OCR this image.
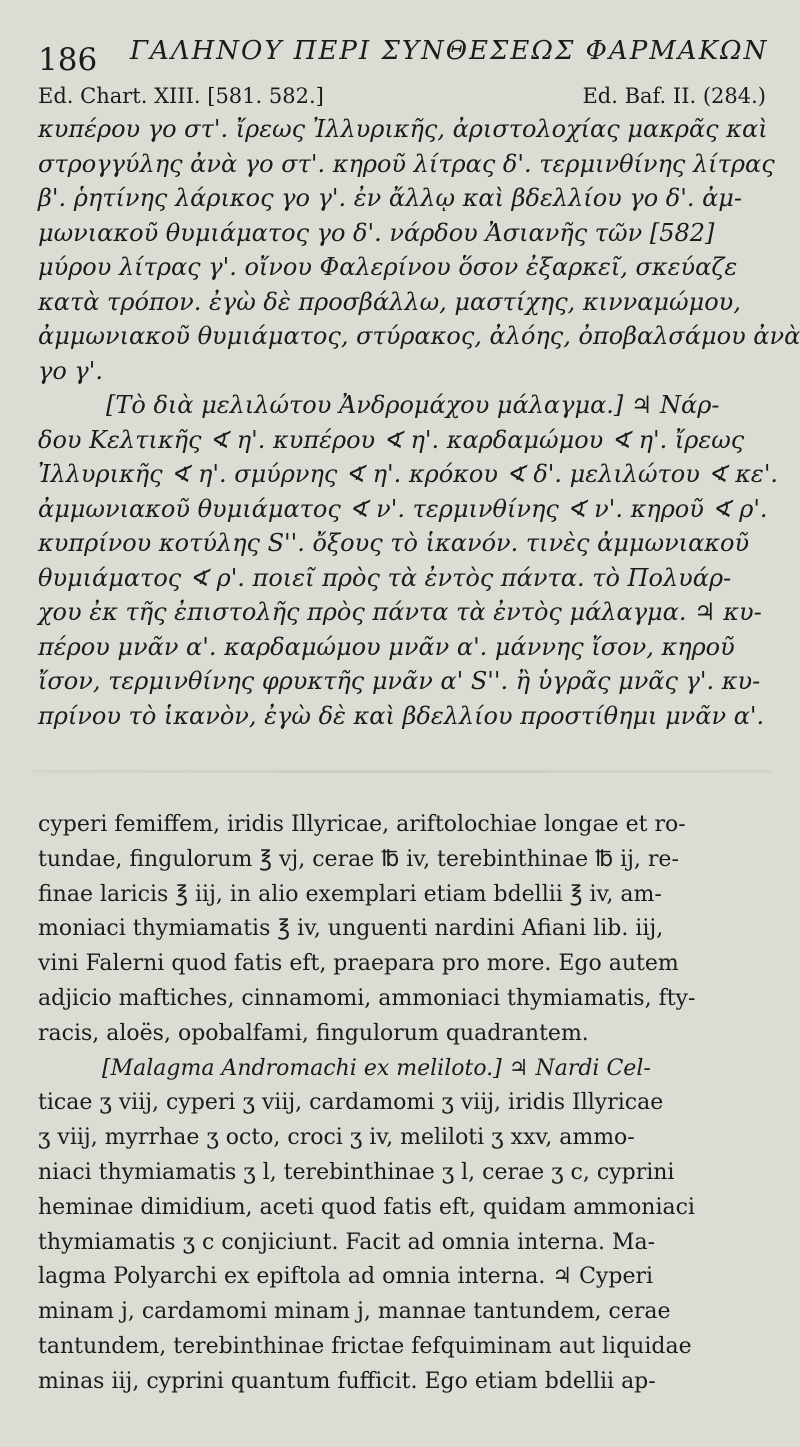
186 ΓΑΛΗΝΟΥ ΠΕΡΙ ΣΥΝΘΕΣΕΩΣ ΦΑΡΜΑΚΩΝ
Ed. Chart. XIII. [581. 582.]	Ed. Baf. II. (284.)
κυπέρου γο στ'. ἴρεως Ἰλλυρικῆς, ἀριστολοχίας μακρᾶς καὶ
στρογγύλης ἀνὰ γο στ'. κηροῦ λίτρας δ'. τερμινθίνης λίτρας
β'. ῥητίνης λάρικος γο γ'. ἐν ἄλλῳ καὶ βδελλίου γο δ'. ἀμ-
μωνιακοῦ θυμιάματος γο δ'. νάρδου Ἀσιανῆς τῶν [582]
μύρου λίτρας γ'. οἴνου Φαλερίνου ὅσον ἐξαρκεῖ, σκεύαζε
κατὰ τρόπον. ἐγὼ δὲ προσβάλλω, μαστίχης, κινναμώμου,
ἀμμωνιακοῦ θυμιάματος, στύρακος, ἀλόης, ὀποβαλσάμου ἀνὰ
γο γ'.
[Τὸ διὰ μελιλώτου Ἀνδρομάχου μάλαγμα.] ♃ Νάρ-
δου Κελτικῆς ∢ η'. κυπέρου ∢ η'. καρδαμώμου ∢ η'. ἴρεως
Ἰλλυρικῆς ∢ η'. σμύρνης ∢ η'. κρόκου ∢ δ'. μελιλώτου ∢ κε'.
ἀμμωνιακοῦ θυμιάματος ∢ ν'. τερμινθίνης ∢ ν'. κηροῦ ∢ ρ'.
κυπρίνου κοτύλης S''. ὄξους τὸ ἱκανόν. τινὲς ἀμμωνιακοῦ
θυμιάματος ∢ ρ'. ποιεῖ πρὸς τὰ ἐντὸς πάντα. τὸ Πολυάρ-
χου ἐκ τῆς ἐπιστολῆς πρὸς πάντα τὰ ἐντὸς μάλαγμα. ♃ κυ-
πέρου μνᾶν α'. καρδαμώμου μνᾶν α'. μάννης ἴσον, κηροῦ
ἴσον, τερμινθίνης φρυκτῆς μνᾶν α' S''. ἢ ὑγρᾶς μνᾶς γ'. κυ-
πρίνου τὸ ἱκανὸν, ἐγὼ δὲ καὶ βδελλίου προστίθημι μνᾶν α'.
cyperi femiffem, iridis Illyricae, ariftolochiae longae et ro-
tundae, fingulorum ℥ vj, cerae ℔ iv, terebinthinae ℔ ij, re-
finae laricis ℥ iij, in alio exemplari etiam bdellii ℥ iv, am-
moniaci thymiamatis ℥ iv, unguenti nardini Afiani lib. iij,
vini Falerni quod fatis eft, praepara pro more. Ego autem
adjicio maftiches, cinnamomi, ammoniaci thymiamatis, fty-
racis, aloës, opobalfami, fingulorum quadrantem.
[Malagma Andromachi ex meliloto.] ♃ Nardi Cel-
ticae ʒ viij, cyperi ʒ viij, cardamomi ʒ viij, iridis Illyricae
ʒ viij, myrrhae ʒ octo, croci ʒ iv, meliloti ʒ xxv, ammo-
niaci thymiamatis ʒ l, terebinthinae ʒ l, cerae ʒ c, cyprini
heminae dimidium, aceti quod fatis eft, quidam ammoniaci
thymiamatis ʒ c conjiciunt. Facit ad omnia interna. Ma-
lagma Polyarchi ex epiftola ad omnia interna. ♃ Cyperi
minam j, cardamomi minam j, mannae tantundem, cerae
tantundem, terebinthinae frictae fefquiminam aut liquidae
minas iij, cyprini quantum fufficit. Ego etiam bdellii ap-
